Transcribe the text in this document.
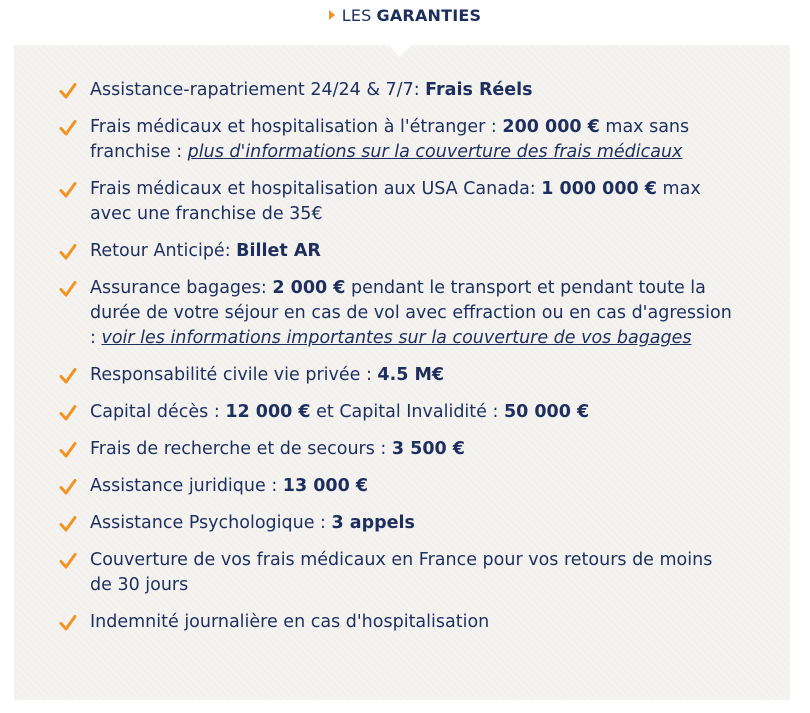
LES GARANTIES
Assistance-rapatriement 24/24 & 7/7: Frais Réels
Frais médicaux et hospitalisation à l'étranger : 200 000 € max sans franchise : plus d'informations sur la couverture des frais médicaux
Frais médicaux et hospitalisation aux USA Canada: 1 000 000 € max avec une franchise de 35€
Retour Anticipé: Billet AR
Assurance bagages: 2 000 € pendant le transport et pendant toute la durée de votre séjour en cas de vol avec effraction ou en cas d'agression : voir les informations importantes sur la couverture de vos bagages
Responsabilité civile vie privée : 4.5 M€
Capital décès : 12 000 € et Capital Invalidité : 50 000 €
Frais de recherche et de secours : 3 500 €
Assistance juridique : 13 000 €
Assistance Psychologique : 3 appels
Couverture de vos frais médicaux en France pour vos retours de moins de 30 jours
Indemnité journalière en cas d'hospitalisation
